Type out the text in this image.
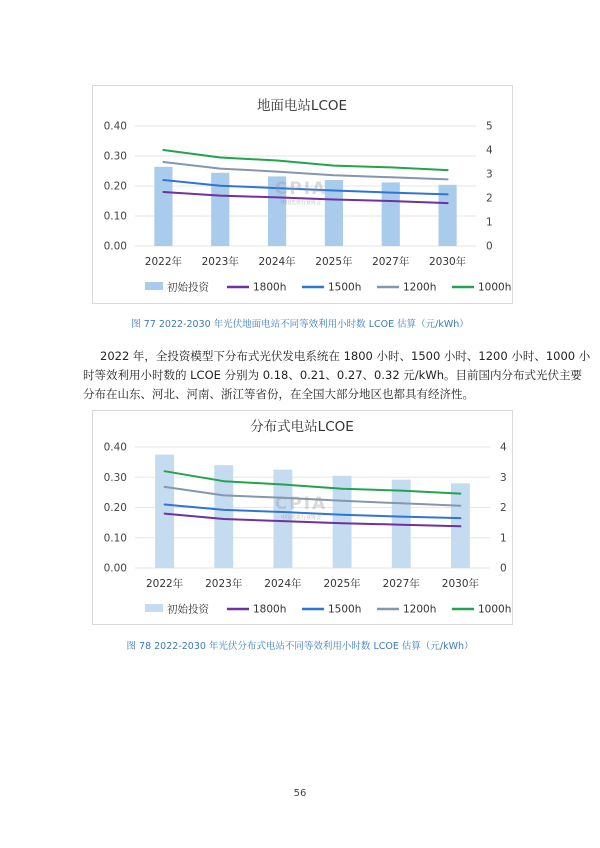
地面电站LCOE
0.40
0.30
0.20
0.10
0.00
5
4
3
2
1
0
2022年 2023年 2024年 2025年 2027年 2030年
初始投资	1800h	1500h	1200h	1000h
CPIA
中国光伏行业协会
图 77 2022-2030 年光伏地面电站不同等效利用小时数 LCOE 估算（元/kWh）
2022 年，全投资模型下分布式光伏发电系统在 1800 小时、1500 小时、1200 小时、1000 小
时等效利用小时数的 LCOE 分别为 0.18、0.21、0.27、0.32 元/kWh。目前国内分布式光伏主要
分布在山东、河北、河南、浙江等省份，在全国大部分地区也都具有经济性。
分布式电站LCOE
0.40
0.30
0.20
0.10
0.00
4
3
2
1
0
2022年 2023年 2024年 2025年 2027年 2030年
初始投资	1800h	1500h	1200h	1000h
CPIA
中国光伏行业协会
图 78 2022-2030 年光伏分布式电站不同等效利用小时数 LCOE 估算（元/kWh）
56
